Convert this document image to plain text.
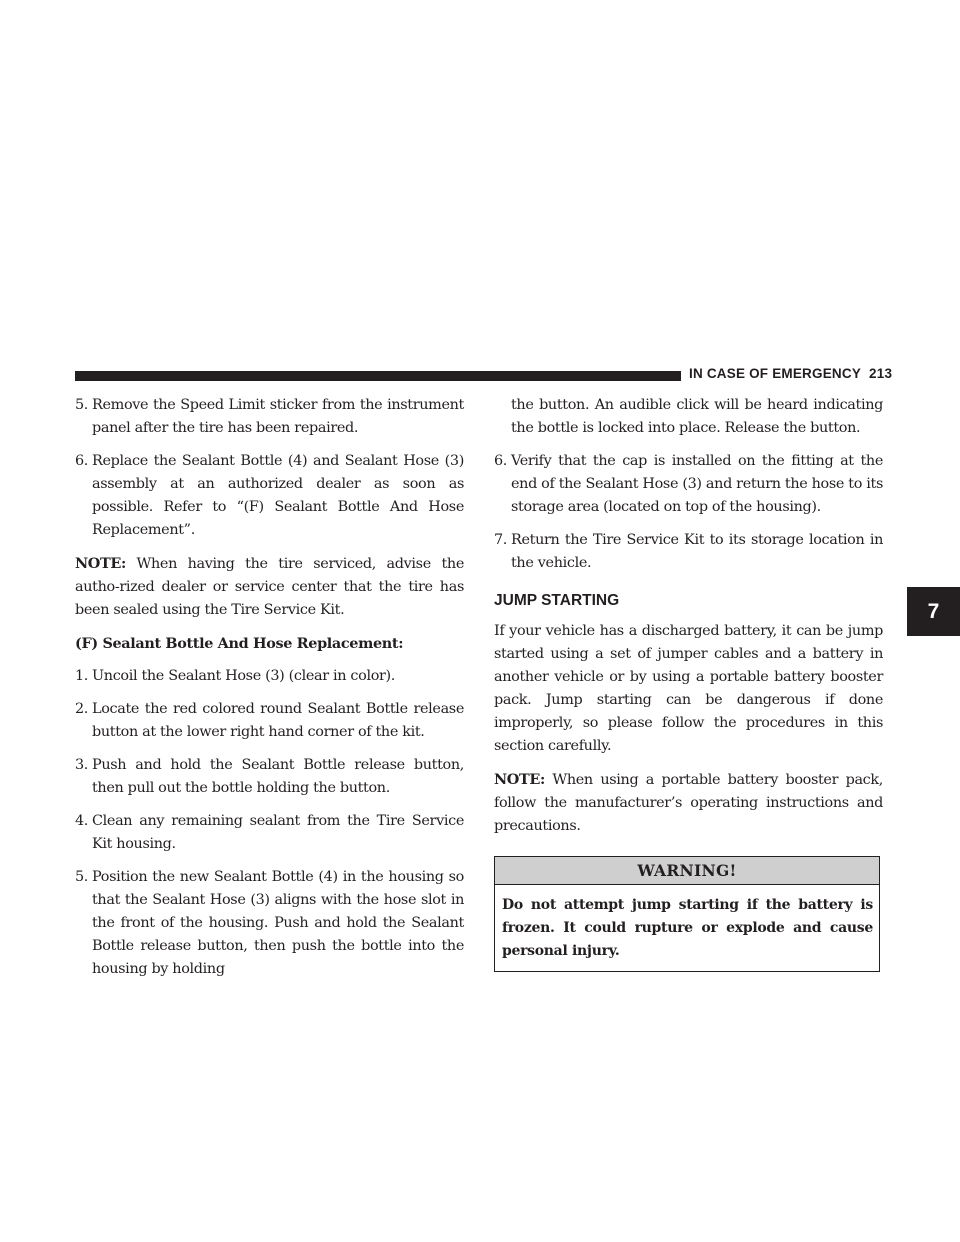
IN CASE OF EMERGENCY 213
7
5. Remove the Speed Limit sticker from the instrument panel after the tire has been repaired.
6. Replace the Sealant Bottle (4) and Sealant Hose (3) assembly at an authorized dealer as soon as possible. Refer to “(F) Sealant Bottle And Hose Replacement”.

NOTE: When having the tire serviced, advise the autho-rized dealer or service center that the tire has been sealed using the Tire Service Kit.

(F) Sealant Bottle And Hose Replacement:

1. Uncoil the Sealant Hose (3) (clear in color).
2. Locate the red colored round Sealant Bottle release button at the lower right hand corner of the kit.
3. Push and hold the Sealant Bottle release button, then pull out the bottle holding the button.
4. Clean any remaining sealant from the Tire Service Kit housing.
5. Position the new Sealant Bottle (4) in the housing so that the Sealant Hose (3) aligns with the hose slot in the front of the housing. Push and hold the Sealant Bottle release button, then push the bottle into the housing by holding

the button. An audible click will be heard indicating the bottle is locked into place. Release the button.

6. Verify that the cap is installed on the fitting at the end of the Sealant Hose (3) and return the hose to its storage area (located on top of the housing).
7. Return the Tire Service Kit to its storage location in the vehicle.
JUMP STARTING

If your vehicle has a discharged battery, it can be jump started using a set of jumper cables and a battery in another vehicle or by using a portable battery booster pack. Jump starting can be dangerous if done improperly, so please follow the procedures in this section carefully.

NOTE: When using a portable battery booster pack, follow the manufacturer’s operating instructions and precautions.

WARNING!
Do not attempt jump starting if the battery is frozen. It could rupture or explode and cause personal injury.
